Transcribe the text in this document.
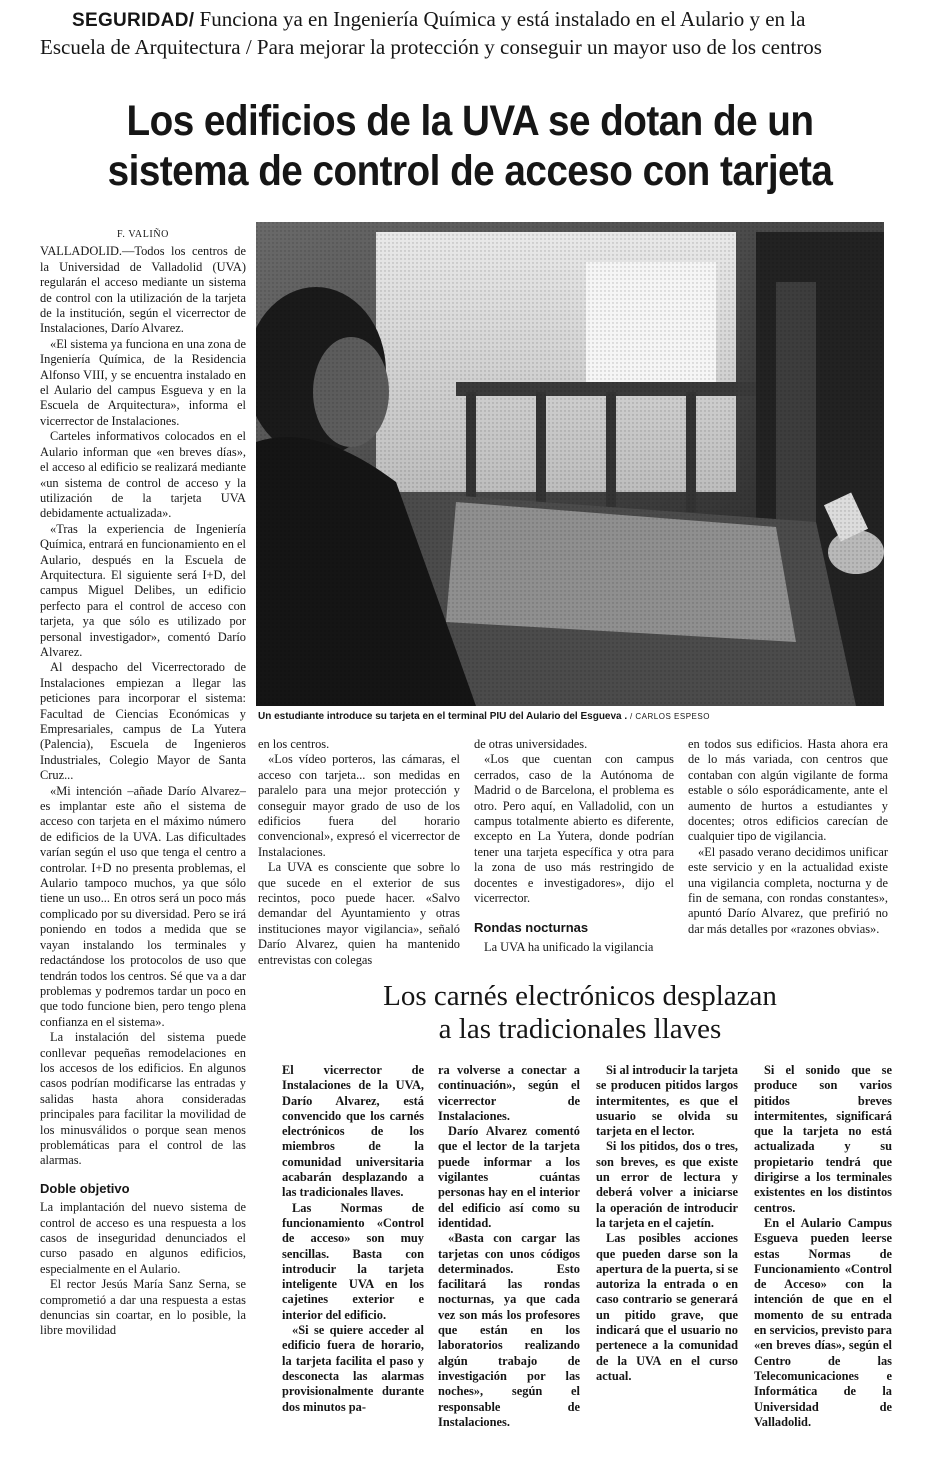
SEGURIDAD/ Funciona ya en Ingeniería Química y está instalado en el Aulario y en la
Escuela de Arquitectura / Para mejorar la protección y conseguir un mayor uso de los centros
Los edificios de la UVA se dotan de un
sistema de control de acceso con tarjeta

F. VALIÑO

VALLADOLID.—Todos los centros de la Universidad de Valladolid (UVA) regularán el acceso mediante un sistema de control con la utilización de la tarjeta de la institución, según el vicerrector de Instalaciones, Darío Alvarez.

«El sistema ya funciona en una zona de Ingeniería Química, de la Residencia Alfonso VIII, y se encuentra instalado en el Aulario del campus Esgueva y en la Escuela de Arquitectura», informa el vicerrector de Instalaciones.

Carteles informativos colocados en el Aulario informan que «en breves días», el acceso al edificio se realizará mediante «un sistema de control de acceso y la utilización de la tarjeta UVA debidamente actualizada».

«Tras la experiencia de Ingeniería Química, entrará en funcionamiento en el Aulario, después en la Escuela de Arquitectura. El siguiente será I+D, del campus Miguel Delibes, un edificio perfecto para el control de acceso con tarjeta, ya que sólo es utilizado por personal investigador», comentó Darío Alvarez.

Al despacho del Vicerrectorado de Instalaciones empiezan a llegar las peticiones para incorporar el sistema: Facultad de Ciencias Económicas y Empresariales, campus de La Yutera (Palencia), Escuela de Ingenieros Industriales, Colegio Mayor de Santa Cruz...

«Mi intención –añade Darío Alvarez– es implantar este año el sistema de acceso con tarjeta en el máximo número de edificios de la UVA. Las dificultades varían según el uso que tenga el centro a controlar. I+D no presenta problemas, el Aulario tampoco muchos, ya que sólo tiene un uso... En otros será un poco más complicado por su diversidad. Pero se irá poniendo en todos a medida que se vayan instalando los terminales y redactándose los protocolos de uso que tendrán todos los centros. Sé que va a dar problemas y podremos tardar un poco en que todo funcione bien, pero tengo plena confianza en el sistema».

La instalación del sistema puede conllevar pequeñas remodelaciones en los accesos de los edificios. En algunos casos podrían modificarse las entradas y salidas hasta ahora consideradas principales para facilitar la movilidad de los minusválidos o porque sean menos problemáticas para el control de las alarmas.

Doble objetivo

La implantación del nuevo sistema de control de acceso es una respuesta a los casos de inseguridad denunciados el curso pasado en algunos edificios, especialmente en el Aulario.

El rector Jesús María Sanz Serna, se comprometió a dar una respuesta a estas denuncias sin coartar, en lo posible, la libre movilidad

Un estudiante introduce su tarjeta en el terminal PIU del Aulario del Esgueva . / CARLOS ESPESO

en los centros.

«Los vídeo porteros, las cámaras, el acceso con tarjeta... son medidas en paralelo para una mejor protección y conseguir mayor grado de uso de los edificios fuera del horario convencional», expresó el vicerrector de Instalaciones.

La UVA es consciente que sobre lo que sucede en el exterior de sus recintos, poco puede hacer. «Salvo demandar del Ayuntamiento y otras instituciones mayor vigilancia», señaló Darío Alvarez, quien ha mantenido entrevistas con colegas

de otras universidades.

«Los que cuentan con campus cerrados, caso de la Autónoma de Madrid o de Barcelona, el problema es otro. Pero aquí, en Valladolid, con un campus totalmente abierto es diferente, excepto en La Yutera, donde podrían tener una tarjeta específica y otra para la zona de uso más restringido de docentes e investigadores», dijo el vicerrector.

Rondas nocturnas

La UVA ha unificado la vigilancia

en todos sus edificios. Hasta ahora era de lo más variada, con centros que contaban con algún vigilante de forma estable o sólo esporádicamente, ante el aumento de hurtos a estudiantes y docentes; otros edificios carecían de cualquier tipo de vigilancia.

«El pasado verano decidimos unificar este servicio y en la actualidad existe una vigilancia completa, nocturna y de fin de semana, con rondas constantes», apuntó Darío Alvarez, que prefirió no dar más detalles por «razones obvias».

Los carnés electrónicos desplazan
a las tradicionales llaves

El vicerrector de Instalaciones de la UVA, Darío Alvarez, está convencido que los carnés electrónicos de los miembros de la comunidad universitaria acabarán desplazando a las tradicionales llaves.

Las Normas de funcionamiento «Control de acceso» son muy sencillas. Basta con introducir la tarjeta inteligente UVA en los cajetines exterior e interior del edificio.

«Si se quiere acceder al edificio fuera de horario, la tarjeta facilita el paso y desconecta las alarmas provisionalmente durante dos minutos pa-

ra volverse a conectar a continuación», según el vicerrector de Instalaciones.

Darío Alvarez comentó que el lector de la tarjeta puede informar a los vigilantes cuántas personas hay en el interior del edificio así como su identidad.

«Basta con cargar las tarjetas con unos códigos determinados. Esto facilitará las rondas nocturnas, ya que cada vez son más los profesores que están en los laboratorios realizando algún trabajo de investigación por las noches», según el responsable de Instalaciones.

Si al introducir la tarjeta se producen pitidos largos intermitentes, es que el usuario se olvida su tarjeta en el lector.

Si los pitidos, dos o tres, son breves, es que existe un error de lectura y deberá volver a iniciarse la operación de introducir la tarjeta en el cajetín.

Las posibles acciones que pueden darse son la apertura de la puerta, si se autoriza la entrada o en caso contrario se generará un pitido grave, que indicará que el usuario no pertenece a la comunidad de la UVA en el curso actual.

Si el sonido que se produce son varios pitidos breves intermitentes, significará que la tarjeta no está actualizada y su propietario tendrá que dirigirse a los terminales existentes en los distintos centros.

En el Aulario Campus Esgueva pueden leerse estas Normas de Funcionamiento «Control de Acceso» con la intención de que en el momento de su entrada en servicios, previsto para «en breves días», según el Centro de las Telecomunicaciones e Informática de la Universidad de Valladolid.
